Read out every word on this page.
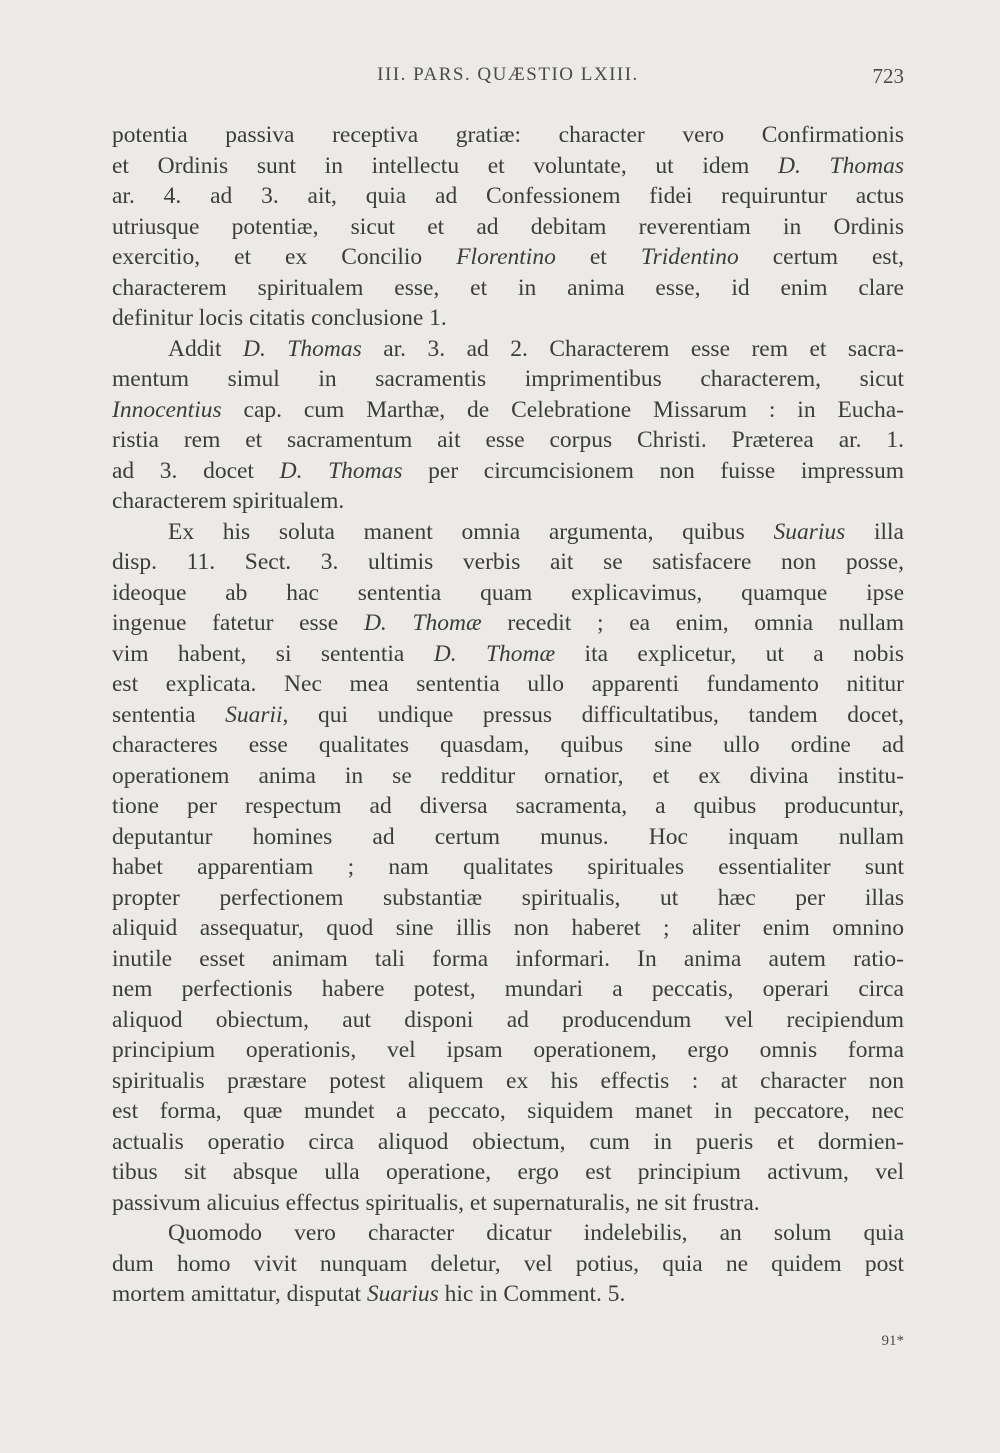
III. PARS. QUÆSTIO LXIII.	723
potentia passiva receptiva gratiæ: character vero Confirmationis
et Ordinis sunt in intellectu et voluntate, ut idem D. Thomas
ar. 4. ad 3. ait, quia ad Confessionem fidei requiruntur actus
utriusque potentiæ, sicut et ad debitam reverentiam in Ordinis
exercitio, et ex Concilio Florentino et Tridentino certum est,
characterem spiritualem esse, et in anima esse, id enim clare
definitur locis citatis conclusione 1.
Addit D. Thomas ar. 3. ad 2. Characterem esse rem et sacra-
mentum simul in sacramentis imprimentibus characterem, sicut
Innocentius cap. cum Marthæ, de Celebratione Missarum : in Eucha-
ristia rem et sacramentum ait esse corpus Christi. Præterea ar. 1.
ad 3. docet D. Thomas per circumcisionem non fuisse impressum
characterem spiritualem.
Ex his soluta manent omnia argumenta, quibus Suarius illa
disp. 11. Sect. 3. ultimis verbis ait se satisfacere non posse,
ideoque ab hac sententia quam explicavimus, quamque ipse
ingenue fatetur esse D. Thomæ recedit ; ea enim, omnia nullam
vim habent, si sententia D. Thomæ ita explicetur, ut a nobis
est explicata. Nec mea sententia ullo apparenti fundamento nititur
sententia Suarii, qui undique pressus difficultatibus, tandem docet,
characteres esse qualitates quasdam, quibus sine ullo ordine ad
operationem anima in se redditur ornatior, et ex divina institu-
tione per respectum ad diversa sacramenta, a quibus producuntur,
deputantur homines ad certum munus. Hoc inquam nullam
habet apparentiam ; nam qualitates spirituales essentialiter sunt
propter perfectionem substantiæ spiritualis, ut hæc per illas
aliquid assequatur, quod sine illis non haberet ; aliter enim omnino
inutile esset animam tali forma informari. In anima autem ratio-
nem perfectionis habere potest, mundari a peccatis, operari circa
aliquod obiectum, aut disponi ad producendum vel recipiendum
principium operationis, vel ipsam operationem, ergo omnis forma
spiritualis præstare potest aliquem ex his effectis : at character non
est forma, quæ mundet a peccato, siquidem manet in peccatore, nec
actualis operatio circa aliquod obiectum, cum in pueris et dormien-
tibus sit absque ulla operatione, ergo est principium activum, vel
passivum alicuius effectus spiritualis, et supernaturalis, ne sit frustra.
Quomodo vero character dicatur indelebilis, an solum quia
dum homo vivit nunquam deletur, vel potius, quia ne quidem post
mortem amittatur, disputat Suarius hic in Comment. 5.
91*
